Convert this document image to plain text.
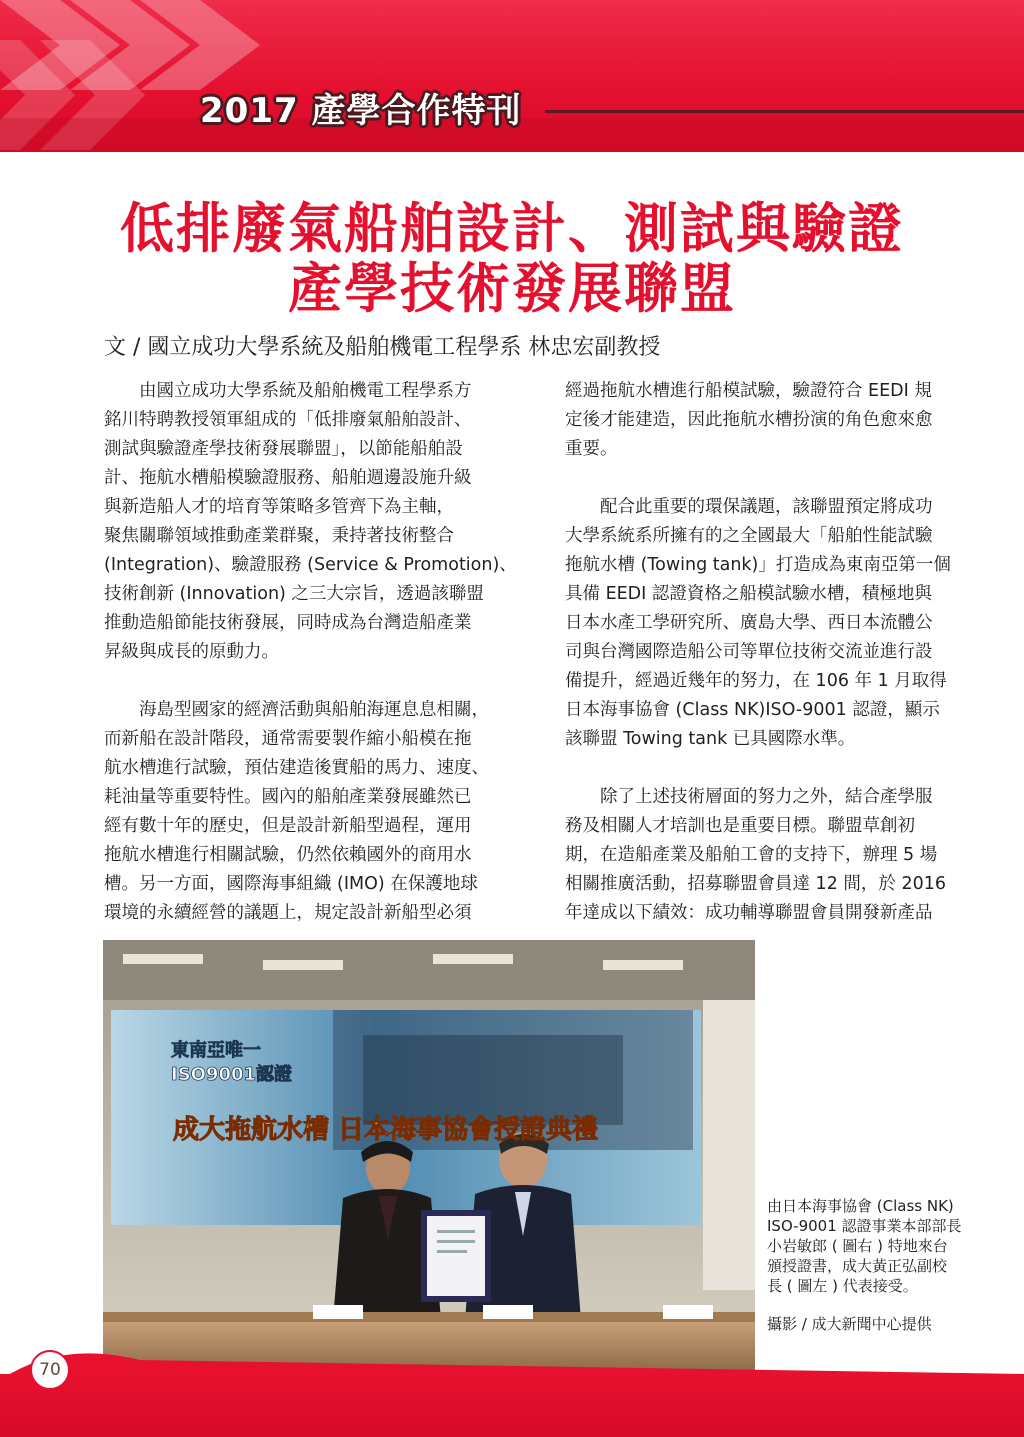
2017 產學合作特刊
低排廢氣船舶設計、測試與驗證
產學技術發展聯盟
文 / 國立成功大學系統及船舶機電工程學系 林忠宏副教授
　　由國立成功大學系統及船舶機電工程學系方
銘川特聘教授領軍組成的「低排廢氣船舶設計、
測試與驗證產學技術發展聯盟」，以節能船舶設
計、拖航水槽船模驗證服務、船舶週邊設施升級
與新造船人才的培育等策略多管齊下為主軸，
聚焦關聯領域推動產業群聚，秉持著技術整合
(Integration)、驗證服務 (Service & Promotion)、
技術創新 (Innovation) 之三大宗旨，透過該聯盟
推動造船節能技術發展，同時成為台灣造船產業
昇級與成長的原動力。
　　海島型國家的經濟活動與船舶海運息息相關，
而新船在設計階段，通常需要製作縮小船模在拖
航水槽進行試驗，預估建造後實船的馬力、速度、
耗油量等重要特性。國內的船舶產業發展雖然已
經有數十年的歷史，但是設計新船型過程，運用
拖航水槽進行相關試驗，仍然依賴國外的商用水
槽。另一方面，國際海事組織 (IMO) 在保護地球
環境的永續經營的議題上，規定設計新船型必須
經過拖航水槽進行船模試驗，驗證符合 EEDI 規
定後才能建造，因此拖航水槽扮演的角色愈來愈
重要。
　　配合此重要的環保議題，該聯盟預定將成功
大學系統系所擁有的之全國最大「船舶性能試驗
拖航水槽 (Towing tank)」打造成為東南亞第一個
具備 EEDI 認證資格之船模試驗水槽，積極地與
日本水產工學研究所、廣島大學、西日本流體公
司與台灣國際造船公司等單位技術交流並進行設
備提升，經過近幾年的努力，在 106 年 1 月取得
日本海事協會 (Class NK)ISO-9001 認證，顯示
該聯盟 Towing tank 已具國際水準。
　　除了上述技術層面的努力之外，結合產學服
務及相關人才培訓也是重要目標。聯盟草創初
期，在造船產業及船舶工會的支持下，辦理 5 場
相關推廣活動，招募聯盟會員達 12 間，於 2016
年達成以下績效：成功輔導聯盟會員開發新產品
東南亞唯一
ISO9001認證
成大拖航水槽 日本海事協會授證典禮
由日本海事協會 (Class NK)
ISO-9001 認證事業本部部長
小岩敏郎 ( 圖右 ) 特地來台
頒授證書，成大黃正弘副校
長 ( 圖左 ) 代表接受。
攝影 / 成大新聞中心提供
70
